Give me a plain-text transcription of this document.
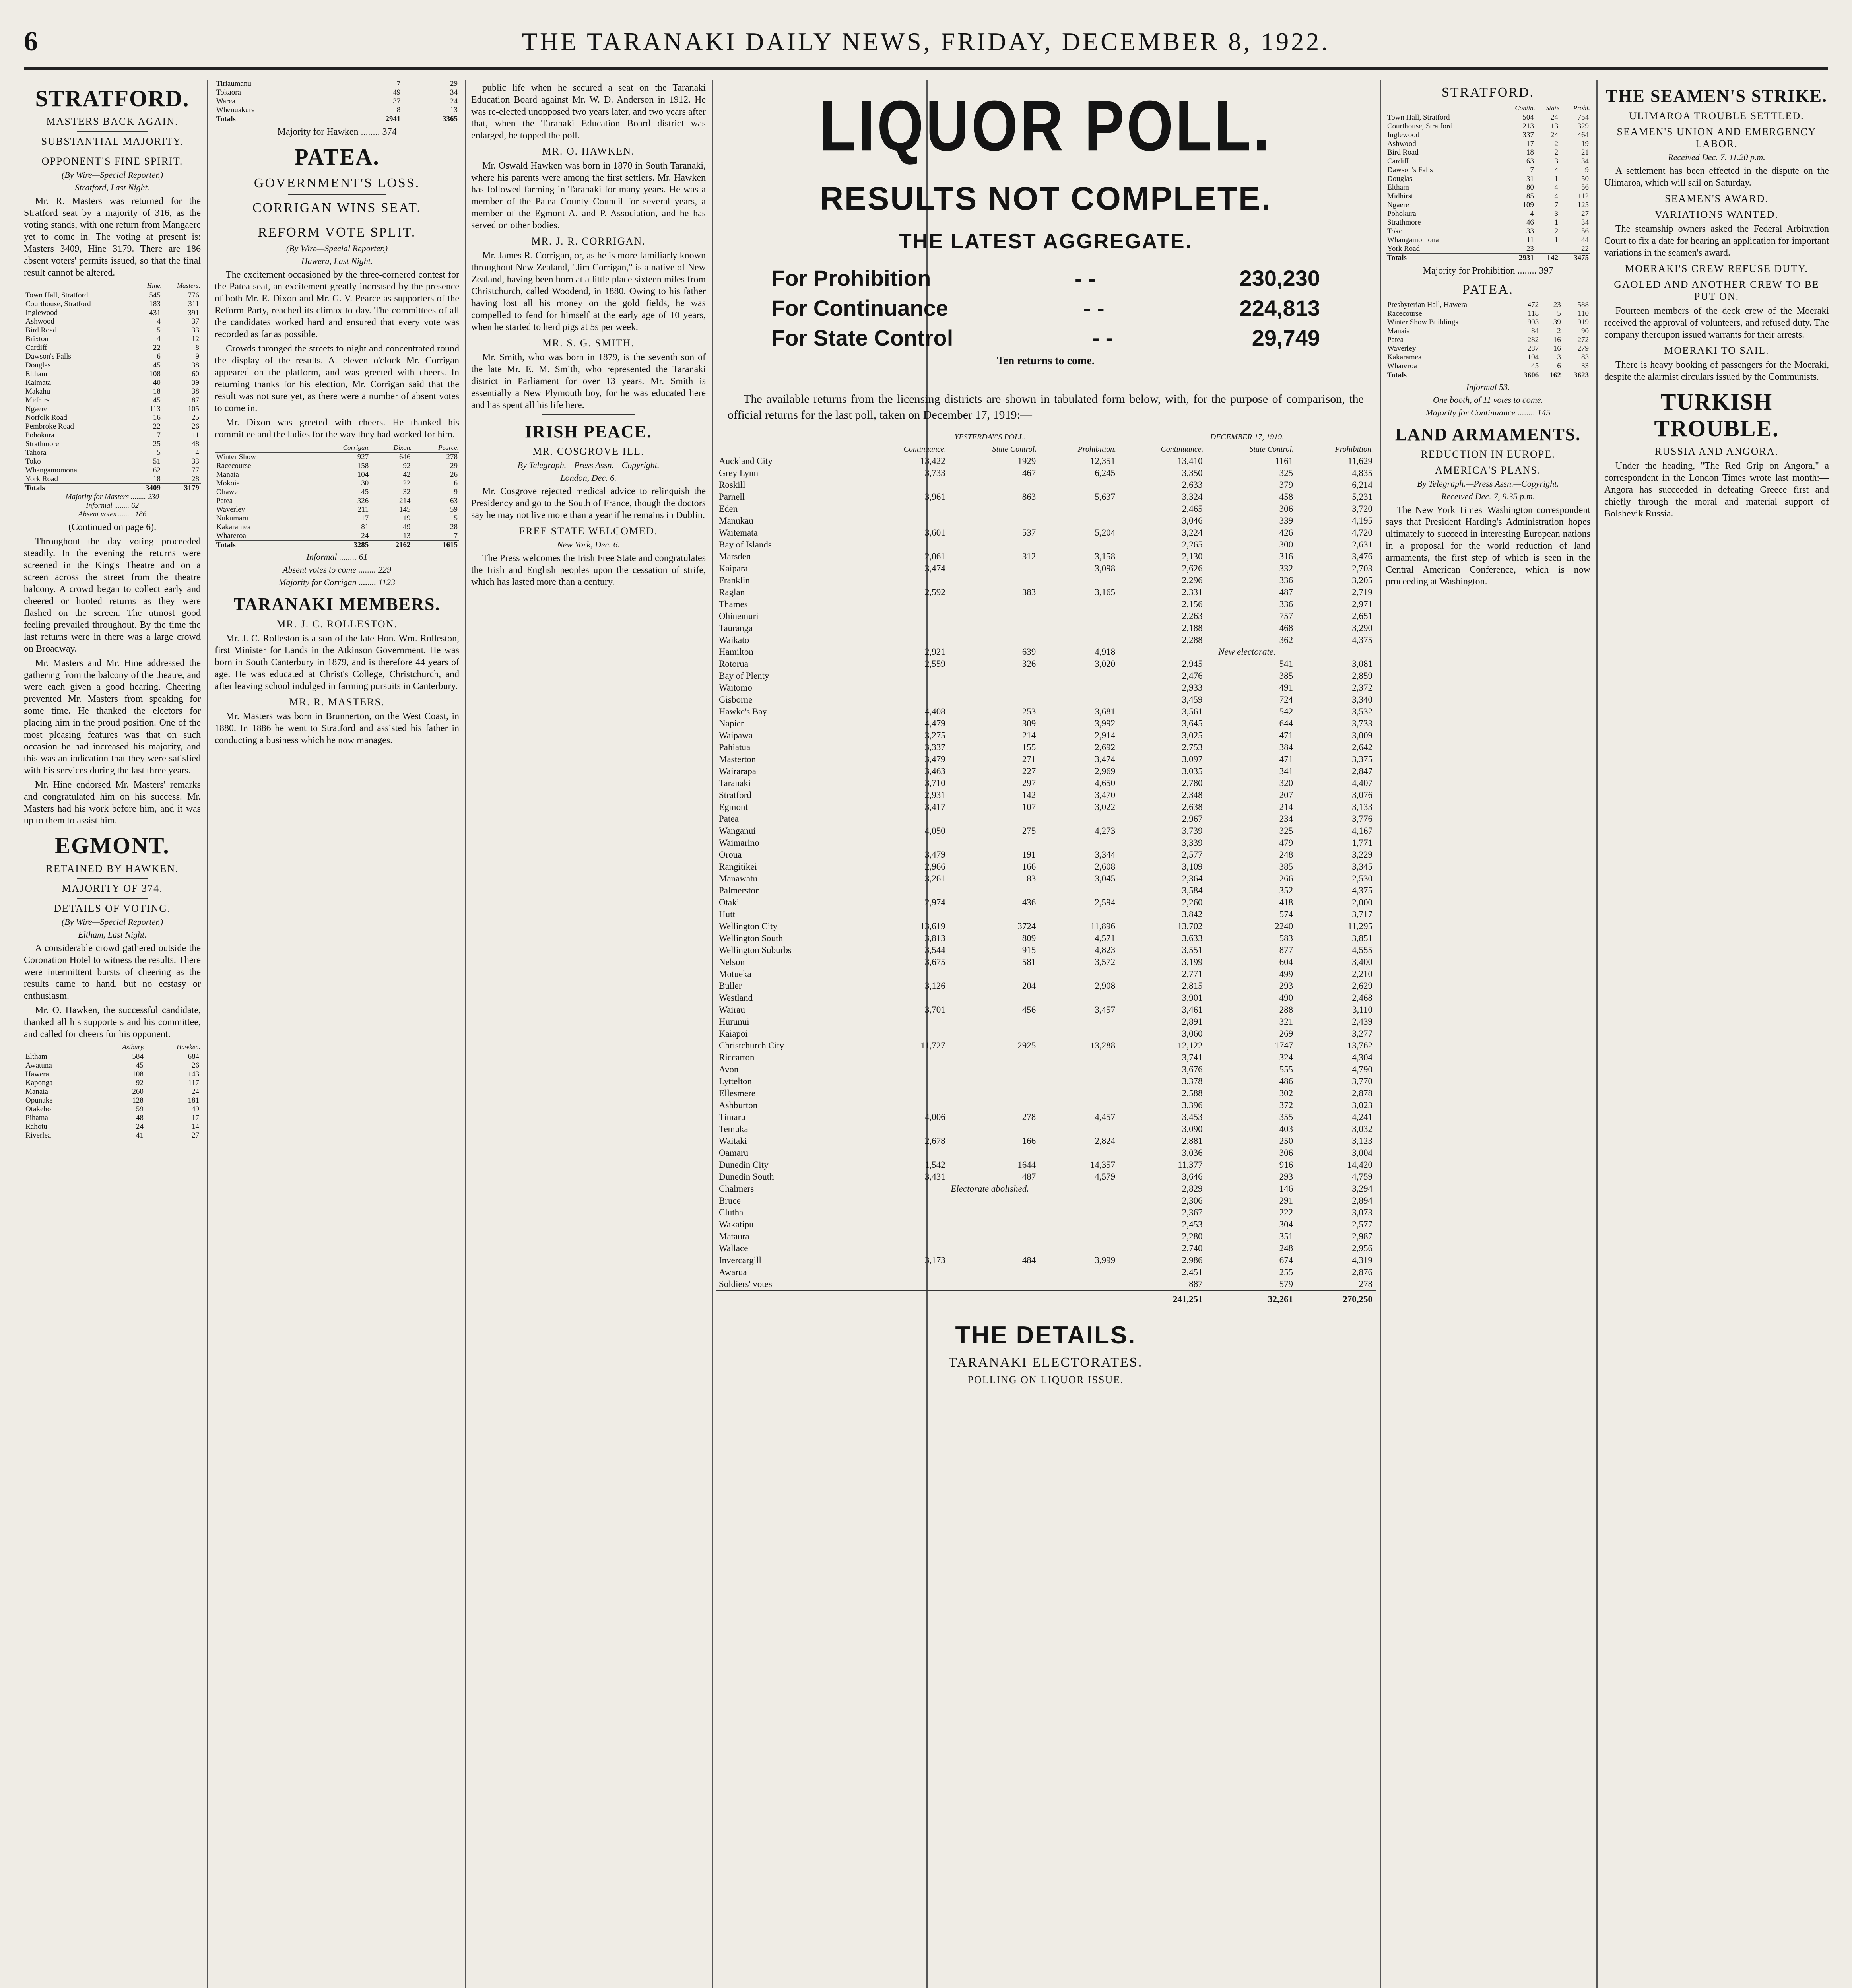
6	THE TARANAKI DAILY NEWS, FRIDAY, DECEMBER 8, 1922.
STRATFORD.
MASTERS BACK AGAIN.
SUBSTANTIAL MAJORITY.
OPPONENT'S FINE SPIRIT.
(By Wire—Special Reporter.)
Stratford, Last Night.

Mr. R. Masters was returned for the Stratford seat by a majority of 316, as the voting stands, with one return from Mangaere yet to come in. The voting at present is: Masters 3409, Hine 3179. There are 186 absent voters' permits issued, so that the final result cannot be altered.

	Hine.	Masters.
Town Hall, Stratford	545	776
Courthouse, Stratford	183	311
Inglewood	431	391
Ashwood	4	37
Bird Road	15	33
Brixton	4	12
Cardiff	22	8
Dawson's Falls	6	9
Douglas	45	38
Eltham	108	60
Kaimata	40	39
Makahu	18	38
Midhirst	45	87
Ngaere	113	105
Norfolk Road	16	25
Pembroke Road	22	26
Pohokura	17	11
Strathmore	25	48
Tahora	5	4
Toko	51	33
Whangamomona	62	77
York Road	18	28
Totals	3409	3179
Majority for Masters ........ 230		
Informal ........ 62		
Absent votes ........ 186		

(Continued on page 6).

Throughout the day voting proceeded steadily. In the evening the returns were screened in the King's Theatre and on a screen across the street from the theatre balcony. A crowd began to collect early and cheered or hooted returns as they were flashed on the screen. The utmost good feeling prevailed throughout. By the time the last returns were in there was a large crowd on Broadway.

Mr. Masters and Mr. Hine addressed the gathering from the balcony of the theatre, and were each given a good hearing. Cheering prevented Mr. Masters from speaking for some time. He thanked the electors for placing him in the proud position. One of the most pleasing features was that on such occasion he had increased his majority, and this was an indication that they were satisfied with his services during the last three years.

Mr. Hine endorsed Mr. Masters' remarks and congratulated him on his success. Mr. Masters had his work before him, and it was up to them to assist him.

EGMONT.
RETAINED BY HAWKEN.
MAJORITY OF 374.
DETAILS OF VOTING.
(By Wire—Special Reporter.)
Eltham, Last Night.

A considerable crowd gathered outside the Coronation Hotel to witness the results. There were intermittent bursts of cheering as the results came to hand, but no ecstasy or enthusiasm.

Mr. O. Hawken, the successful candidate, thanked all his supporters and his committee, and called for cheers for his opponent.

	Astbury.	Hawken.
Eltham	584	684
Awatuna	45	26
Hawera	108	143
Kaponga	92	117
Manaia	260	24
Opunake	128	181
Otakeho	59	49
Pihama	48	17
Rahotu	24	14
Riverlea	41	27
Tiriaumanu	7	29
Tokaora	49	34
Warea	37	24
Whenuakura	8	13
Totals	2941	3365

Majority for Hawken ........ 374

PATEA.
GOVERNMENT'S LOSS.
CORRIGAN WINS SEAT.
REFORM VOTE SPLIT.
(By Wire—Special Reporter.)
Hawera, Last Night.

The excitement occasioned by the three-cornered contest for the Patea seat, an excitement greatly increased by the presence of both Mr. E. Dixon and Mr. G. V. Pearce as supporters of the Reform Party, reached its climax to-day. The committees of all the candidates worked hard and ensured that every vote was recorded as far as possible.

Crowds thronged the streets to-night and concentrated round the display of the results. At eleven o'clock Mr. Corrigan appeared on the platform, and was greeted with cheers. In returning thanks for his election, Mr. Corrigan said that the result was not sure yet, as there were a number of absent votes to come in.

Mr. Dixon was greeted with cheers. He thanked his committee and the ladies for the way they had worked for him.

	Corrigan.	Dixon.	Pearce.
Winter Show	927	646	278
Racecourse	158	92	29
Manaia	104	42	26
Mokoia	30	22	6
Ohawe	45	32	9
Patea	326	214	63
Waverley	211	145	59
Nukumaru	17	19	5
Kakaramea	81	49	28
Whareroa	24	13	7
Totals	3285	2162	1615
Informal ........ 61
Absent votes to come ........ 229
Majority for Corrigan ........ 1123
TARANAKI MEMBERS.
MR. J. C. ROLLESTON.

Mr. J. C. Rolleston is a son of the late Hon. Wm. Rolleston, first Minister for Lands in the Atkinson Government. He was born in South Canterbury in 1879, and is therefore 44 years of age. He was educated at Christ's College, Christchurch, and after leaving school indulged in farming pursuits in Canterbury.

MR. R. MASTERS.

Mr. Masters was born in Brunnerton, on the West Coast, in 1880. In 1886 he went to Stratford and assisted his father in conducting a business which he now manages.

public life when he secured a seat on the Taranaki Education Board against Mr. W. D. Anderson in 1912. He was re-elected unopposed two years later, and two years after that, when the Taranaki Education Board district was enlarged, he topped the poll.

MR. O. HAWKEN.

Mr. Oswald Hawken was born in 1870 in South Taranaki, where his parents were among the first settlers. Mr. Hawken has followed farming in Taranaki for many years. He was a member of the Patea County Council for several years, a member of the Egmont A. and P. Association, and he has served on other bodies.

MR. J. R. CORRIGAN.

Mr. James R. Corrigan, or, as he is more familiarly known throughout New Zealand, "Jim Corrigan," is a native of New Zealand, having been born at a little place sixteen miles from Christchurch, called Woodend, in 1880. Owing to his father having lost all his money on the gold fields, he was compelled to fend for himself at the early age of 10 years, when he started to herd pigs at 5s per week.

MR. S. G. SMITH.

Mr. Smith, who was born in 1879, is the seventh son of the late Mr. E. M. Smith, who represented the Taranaki district in Parliament for over 13 years. Mr. Smith is essentially a New Plymouth boy, for he was educated here and has spent all his life here.

IRISH PEACE.
MR. COSGROVE ILL.
By Telegraph.—Press Assn.—Copyright.
London, Dec. 6.

Mr. Cosgrove rejected medical advice to relinquish the Presidency and go to the South of France, though the doctors say he may not live more than a year if he remains in Dublin.

FREE STATE WELCOMED.
New York, Dec. 6.

The Press welcomes the Irish Free State and congratulates the Irish and English peoples upon the cessation of strife, which has lasted more than a century.

LIQUOR POLL.
RESULTS NOT COMPLETE.
THE LATEST AGGREGATE.
For Prohibition	- -	230,230
For Continuance	- -	224,813
For State Control	- -	29,749
Ten returns to come.

The available returns from the licensing districts are shown in tabulated form below, with, for the purpose of comparison, the official returns for the last poll, taken on December 17, 1919:—

	YESTERDAY'S POLL.			DECEMBER 17, 1919.		
	Continuance.	State Control.	Prohibition.	Continuance.	State Control.	Prohibition.
Auckland City	13,422	1929	12,351	13,410	1161	11,629
Grey Lynn	3,733	467	6,245	3,350	325	4,835
Roskill				2,633	379	6,214
Parnell	3,961	863	5,637	3,324	458	5,231
Eden				2,465	306	3,720
Manukau				3,046	339	4,195
Waitemata	3,601	537	5,204	3,224	426	4,720
Bay of Islands				2,265	300	2,631
Marsden	2,061	312	3,158	2,130	316	3,476
Kaipara	3,474		3,098	2,626	332	2,703
Franklin				2,296	336	3,205
Raglan	2,592	383	3,165	2,331	487	2,719
Thames				2,156	336	2,971
Ohinemuri				2,263	757	2,651
Tauranga				2,188	468	3,290
Waikato				2,288	362	4,375
Hamilton	2,921	639	4,918	New electorate.		
Rotorua	2,559	326	3,020	2,945	541	3,081
Bay of Plenty				2,476	385	2,859
Waitomo				2,933	491	2,372
Gisborne				3,459	724	3,340
Hawke's Bay	4,408	253	3,681	3,561	542	3,532
Napier	4,479	309	3,992	3,645	644	3,733
Waipawa	3,275	214	2,914	3,025	471	3,009
Pahiatua	3,337	155	2,692	2,753	384	2,642
Masterton	3,479	271	3,474	3,097	471	3,375
Wairarapa	3,463	227	2,969	3,035	341	2,847
Taranaki	3,710	297	4,650	2,780	320	4,407
Stratford	2,931	142	3,470	2,348	207	3,076
Egmont	3,417	107	3,022	2,638	214	3,133
Patea				2,967	234	3,776
Wanganui	4,050	275	4,273	3,739	325	4,167
Waimarino				3,339	479	1,771
Oroua	3,479	191	3,344	2,577	248	3,229
Rangitikei	2,966	166	2,608	3,109	385	3,345
Manawatu	3,261	83	3,045	2,364	266	2,530
Palmerston				3,584	352	4,375
Otaki	2,974	436	2,594	2,260	418	2,000
Hutt				3,842	574	3,717
Wellington City	13,619	3724	11,896	13,702	2240	11,295
Wellington South	3,813	809	4,571	3,633	583	3,851
Wellington Suburbs	3,544	915	4,823	3,551	877	4,555
Nelson	3,675	581	3,572	3,199	604	3,400
Motueka				2,771	499	2,210
Buller	3,126	204	2,908	2,815	293	2,629
Westland				3,901	490	2,468
Wairau	3,701	456	3,457	3,461	288	3,110
Hurunui				2,891	321	2,439
Kaiapoi				3,060	269	3,277
Christchurch City	11,727	2925	13,288	12,122	1747	13,762
Riccarton				3,741	324	4,304
Avon				3,676	555	4,790
Lyttelton				3,378	486	3,770
Ellesmere				2,588	302	2,878
Ashburton				3,396	372	3,023
Timaru	4,006	278	4,457	3,453	355	4,241
Temuka				3,090	403	3,032
Waitaki	2,678	166	2,824	2,881	250	3,123
Oamaru				3,036	306	3,004
Dunedin City	1,542	1644	14,357	11,377	916	14,420
Dunedin South	3,431	487	4,579	3,646	293	4,759
Chalmers	Electorate abolished.			2,829	146	3,294
Bruce				2,306	291	2,894
Clutha				2,367	222	3,073
Wakatipu				2,453	304	2,577
Mataura				2,280	351	2,987
Wallace				2,740	248	2,956
Invercargill	3,173	484	3,999	2,986	674	4,319
Awarua				2,451	255	2,876
Soldiers' votes				887	579	278
				241,251	32,261	270,250
THE DETAILS.
TARANAKI ELECTORATES.
POLLING ON LIQUOR ISSUE.
STRATFORD.
	Contin.	State	Prohi.
Town Hall, Stratford	504	24	754
Courthouse, Stratford	213	13	329
Inglewood	337	24	464
Ashwood	17	2	19
Bird Road	18	2	21
Cardiff	63	3	34
Dawson's Falls	7	4	9
Douglas	31	1	50
Eltham	80	4	56
Midhirst	85	4	112
Ngaere	109	7	125
Pohokura	4	3	27
Strathmore	46	1	34
Toko	33	2	56
Whangamomona	11	1	44
York Road	23		22
Totals	2931	142	3475

Majority for Prohibition ........ 397

PATEA.
Presbyterian Hall, Hawera	472	23	588
Racecourse	118	5	110
Winter Show Buildings	903	39	919
Manaia	84	2	90
Patea	282	16	272
Waverley	287	16	279
Kakaramea	104	3	83
Whareroa	45	6	33
Totals	3606	162	3623
Informal 53.
One booth, of 11 votes to come.
Majority for Continuance ........ 145
LAND ARMAMENTS.
REDUCTION IN EUROPE.
AMERICA'S PLANS.
By Telegraph.—Press Assn.—Copyright.
Received Dec. 7, 9.35 p.m.

The New York Times' Washington correspondent says that President Harding's Administration hopes ultimately to succeed in interesting European nations in a proposal for the world reduction of land armaments, the first step of which is seen in the Central American Conference, which is now proceeding at Washington.

THE SEAMEN'S STRIKE.
ULIMAROA TROUBLE SETTLED.
SEAMEN'S UNION AND EMERGENCY LABOR.
Received Dec. 7, 11.20 p.m.

A settlement has been effected in the dispute on the Ulimaroa, which will sail on Saturday.

SEAMEN'S AWARD.
VARIATIONS WANTED.

The steamship owners asked the Federal Arbitration Court to fix a date for hearing an application for important variations in the seamen's award.

MOERAKI'S CREW REFUSE DUTY.
GAOLED AND ANOTHER CREW TO BE PUT ON.

Fourteen members of the deck crew of the Moeraki received the approval of volunteers, and refused duty. The company thereupon issued warrants for their arrests.

MOERAKI TO SAIL.

There is heavy booking of passengers for the Moeraki, despite the alarmist circulars issued by the Communists.

TURKISH TROUBLE.
RUSSIA AND ANGORA.

Under the heading, "The Red Grip on Angora," a correspondent in the London Times wrote last month:—Angora has succeeded in defeating Greece first and chiefly through the moral and material support of Bolshevik Russia.
